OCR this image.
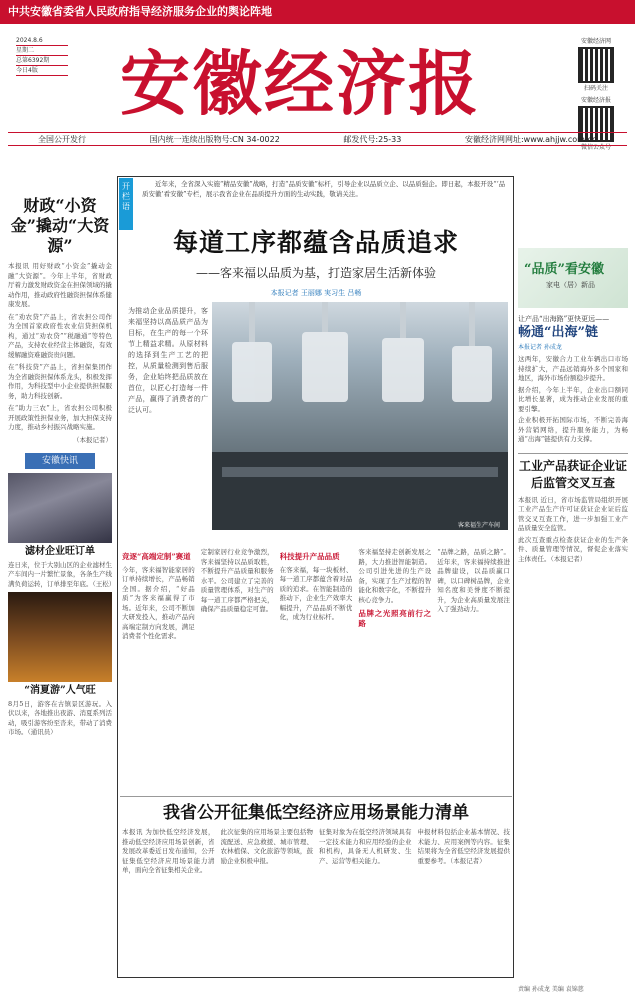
中共安徽省委省人民政府指导经济服务企业的舆论阵地
2024.8.6
星期二
总第6392期
今日4版	安徽经济报
安徽经济网
扫码关注
安徽经济报
微信公众号
全国公开发行	国内统一连续出版物号:CN 34-0022	邮发代号:25-33	安徽经济网网址:www.ahjjw.com.cn
财政“小资金”撬动“大资源”

本报讯 用好财政“小资金”撬动金融“大资源”。今年上半年，省财政厅着力激发财政资金在担保领域的撬动作用，推动政府性融资担保体系健康发展。

在“劝农贷”产品上，省农担公司作为全国首家政府性农业信贷担保机构，通过“劝农贷”“税融通”等特色产品，支持农业经营主体融资，有效缓解融资难融资贵问题。

在“科技贷”产品上，省担保集团作为全省融资担保体系龙头，积极发挥作用，为科技型中小企业提供担保服务，助力科技创新。

在“助力三农”上，省农担公司积极开展政策性担保业务，加大担保支持力度，推动乡村振兴战略实施。

（本报记者）

安徽快讯
滤材企业旺订单

连日来，位于大别山区的企业滤材生产车间内一片繁忙景象，各条生产线满负荷运转，订单排至年底。（王松）

“消夏游”人气旺

8月5日，游客在古镇景区游玩。入伏以来，各地推出夜游、消夏系列活动，吸引游客纷至沓来，带动了消费市场。（通讯员）

开栏语
近年来，全省深入实施“精品安徽”战略，打造“品质安徽”标杆，引导企业以品质立企、以品质强企。即日起，本报开设“‘品质安徽’看安徽”专栏，展示我省企业在品质提升方面的生动实践，敬请关注。
每道工序都蕴含品质追求
——客来福以品质为基，打造家居生活新体验
本报记者 王丽娜 実习生 吕畅
为推动企业品质提升，客来福坚持以高品质产品为目标，在生产的每一个环节上精益求精。从原材料的选择到生产工艺的把控，从质量检测到售后服务，企业始终把品质放在首位，以匠心打造每一件产品，赢得了消费者的广泛认可。
客来福生产车间
竞逐“高端定制”赛道

今年，客来福智能家居的订单持续增长，产品畅销全国。据介绍，“好品质”为客来福赢得了市场。近年来，公司不断加大研发投入，推动产品向高端定制方向发展，满足消费者个性化需求。

定制家居行业竞争激烈，客来福坚持以品质取胜，不断提升产品质量和服务水平。公司建立了完善的质量管理体系，对生产的每一道工序都严格把关，确保产品质量稳定可靠。

科技提升产品品质

在客来福，每一块板材、每一道工序都蕴含着对品质的追求。在智能制造的推动下，企业生产效率大幅提升，产品品质不断优化，成为行业标杆。

客来福坚持走创新发展之路，大力推进智能制造。公司引进先进的生产设备，实现了生产过程的智能化和数字化，不断提升核心竞争力。

品牌之光照亮前行之路

“品牌之路，品质之路”。近年来，客来福持续推进品牌建设，以品质赢口碑，以口碑树品牌，企业知名度和美誉度不断提升，为企业高质量发展注入了强劲动力。

我省公开征集低空经济应用场景能力清单
本报讯 为加快低空经济发展，推动低空经济应用场景创新，省发展改革委近日发布通知，公开征集低空经济应用场景能力清单，面向全省征集相关企业。
此次征集的应用场景主要包括物流配送、应急救援、城市管理、农林植保、文化旅游等领域，鼓励企业积极申报。
征集对象为在低空经济领域具有一定技术能力和应用经验的企业和机构，具备无人机研发、生产、运营等相关能力。
申报材料包括企业基本情况、技术能力、应用案例等内容。征集结果将为全省低空经济发展提供重要参考。（本报记者）
“品质”看安徽
家电（居）新品
让产品“出海路”更快更远——
畅通“出海”链
本报记者 孙成龙

这两年，安徽合力工业车辆出口市场持续扩大，产品远销海外多个国家和地区，海外市场份额稳步提升。

据介绍，今年上半年，企业出口额同比增长显著，成为推动企业发展的重要引擎。

企业积极开拓国际市场，不断完善海外营销网络，提升服务能力，为畅通“出海”链提供有力支撑。

工业产品获证企业证后监管交叉互查

本报讯 近日，省市场监管局组织开展工业产品生产许可证获证企业证后监管交叉互查工作，进一步加强工业产品质量安全监管。

此次互查重点检查获证企业的生产条件、质量管理等情况，督促企业落实主体责任。（本报记者）

责编 孙成龙 美编 袁锦慈
